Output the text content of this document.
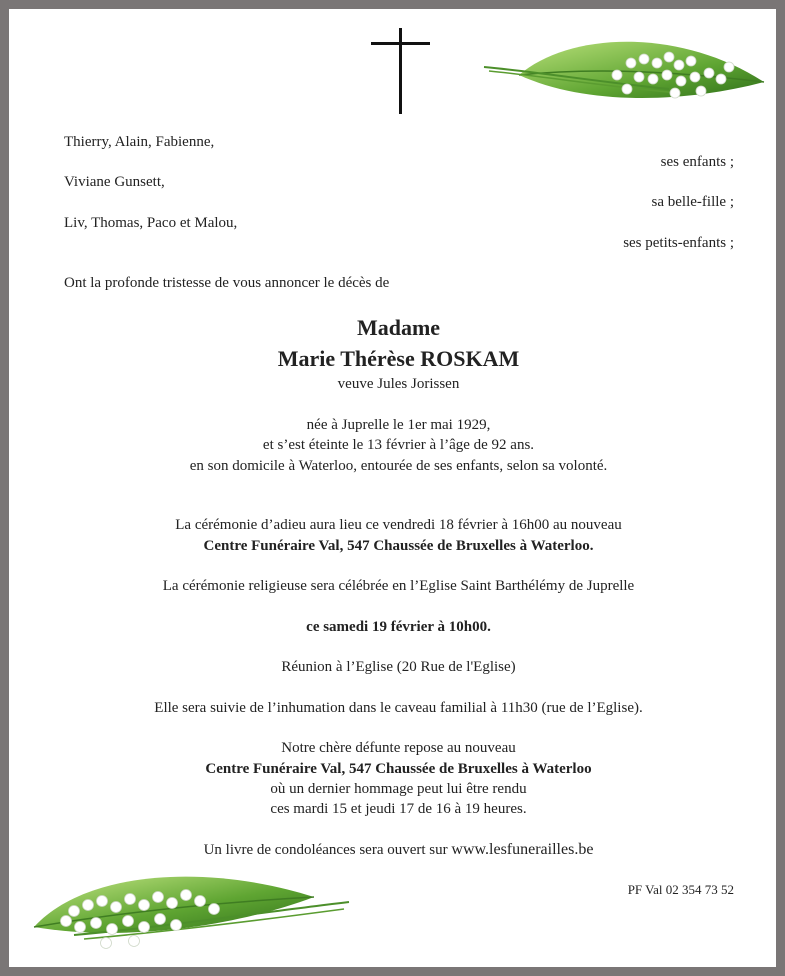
Thierry, Alain, Fabienne,
ses enfants ;
Viviane Gunsett,
sa belle-fille ;
Liv, Thomas, Paco et Malou,
ses petits-enfants ;
Ont la profonde tristesse de vous annoncer le décès de
Madame
Marie Thérèse ROSKAM
veuve Jules Jorissen
née à Juprelle le 1er mai 1929,
et s’est éteinte le 13 février à l’âge de 92 ans.
en son domicile à Waterloo, entourée de ses enfants, selon sa volonté.
La cérémonie d’adieu aura lieu ce vendredi 18 février à 16h00 au nouveau
Centre Funéraire Val, 547 Chaussée de Bruxelles à Waterloo.
La cérémonie religieuse sera célébrée en l’Eglise Saint Barthélémy de Juprelle
ce samedi 19 février à 10h00.
Réunion à l’Eglise (20 Rue de l'Eglise)
Elle sera suivie de l’inhumation dans le caveau familial à 11h30 (rue de l’Eglise).
Notre chère défunte repose au nouveau
Centre Funéraire Val, 547 Chaussée de Bruxelles à Waterloo
où un dernier hommage peut lui être rendu
ces mardi 15 et jeudi 17 de 16 à 19 heures.
Un livre de condoléances sera ouvert sur www.lesfunerailles.be
PF Val 02 354 73 52
